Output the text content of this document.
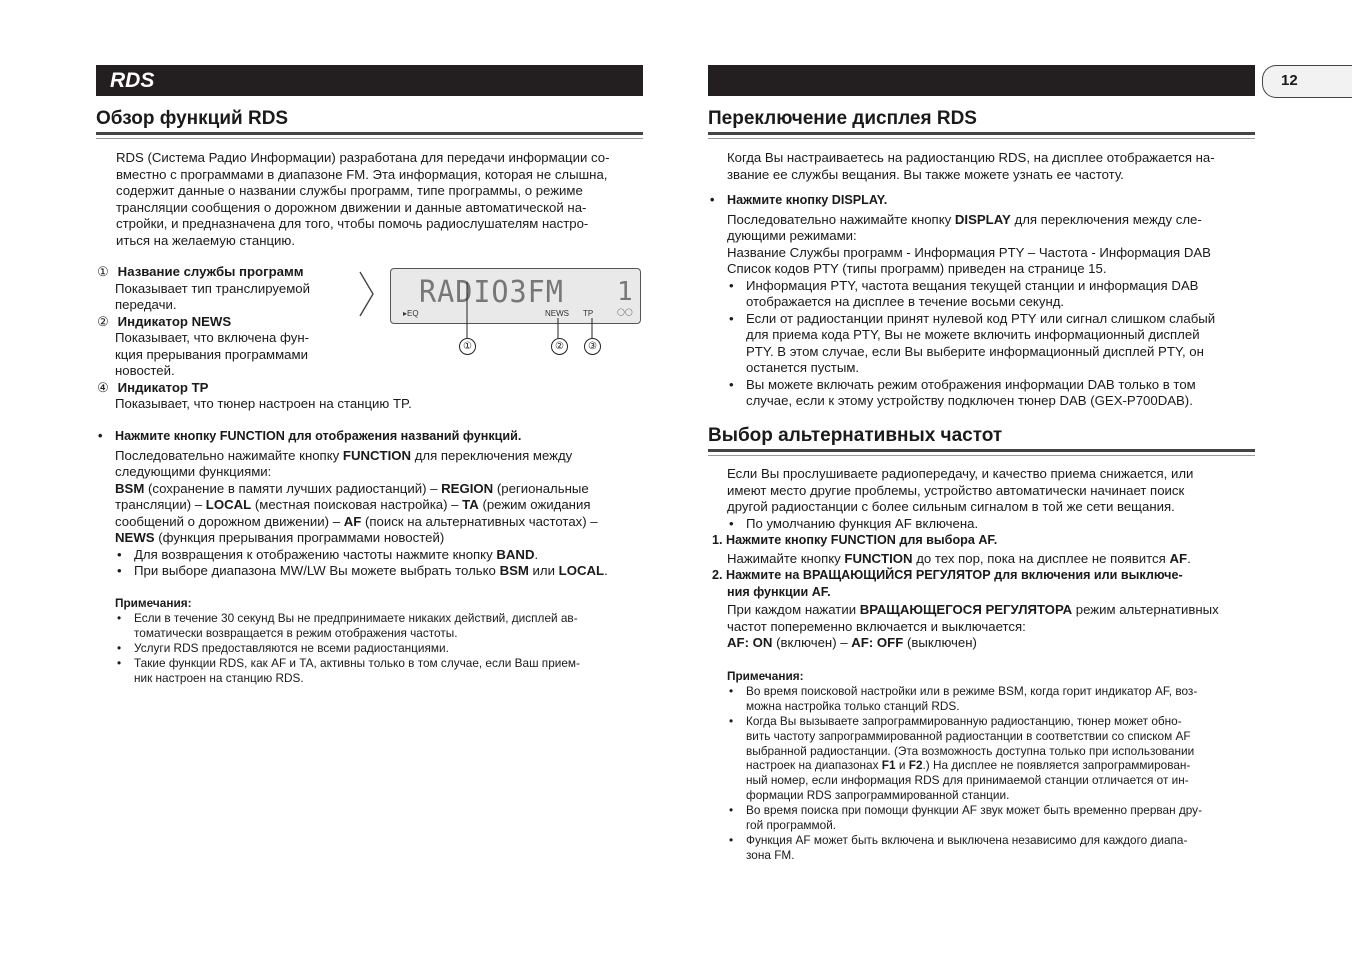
RDS
Обзор функций RDS
RDS (Система Радио Информации) разработана для передачи информации со-
вместно с программами в диапазоне FM. Эта информация, которая не слышна,
содержит данные о названии службы программ, типе программы, о режиме
трансляции сообщения о дорожном движении и данные автоматической на-
стройки, и предназначена для того, чтобы помочь радиослушателям настро-
иться на желаемую станцию.
① Название службы программ
Показывает тип транслируемой
передачи.
② Индикатор NEWS
Показывает, что включена фун-
кция прерывания программами
новостей.
④ Индикатор TP
Показывает, что тюнер настроен на станцию TP.
RADIO3FM 1
▸EQ	NEWS TP	◯◯
①	②	③
• Нажмите кнопку FUNCTION для отображения названий функций.
Последовательно нажимайте кнопку FUNCTION для переключения между
следующими функциями:
BSM (сохранение в памяти лучших радиостанций) – REGION (региональные
трансляции) – LOCAL (местная поисковая настройка) – TA (режим ожидания
сообщений о дорожном движении) – AF (поиск на альтернативных частотах) –
NEWS (функция прерывания программами новостей)
• Для возвращения к отображению частоты нажмите кнопку BAND.
• При выборе диапазона MW/LW Вы можете выбрать только BSM или LOCAL.
Примечания:
• Если в течение 30 секунд Вы не предпринимаете никаких действий, дисплей ав-
томатически возвращается в режим отображения частоты.
• Услуги RDS предоставляются не всеми радиостанциями.
• Такие функции RDS, как AF и TA, активны только в том случае, если Ваш прием-
ник настроен на станцию RDS.
12
Переключение дисплея RDS
Когда Вы настраиваетесь на радиостанцию RDS, на дисплее отображается на-
звание ее службы вещания. Вы также можете узнать ее частоту.
• Нажмите кнопку DISPLAY.
Последовательно нажимайте кнопку DISPLAY для переключения между сле-
дующими режимами:
Название Службы программ - Информация PTY – Частота - Информация DAB
Список кодов PTY (типы программ) приведен на странице 15.
• Информация PTY, частота вещания текущей станции и информация DAB
отображается на дисплее в течение восьми секунд.
• Если от радиостанции принят нулевой код PTY или сигнал слишком слабый
для приема кода PTY, Вы не можете включить информационный дисплей
PTY. В этом случае, если Вы выберите информационный дисплей PTY, он
останется пустым.
• Вы можете включать режим отображения информации DAB только в том
случае, если к этому устройству подключен тюнер DAB (GEX-P700DAB).
Выбор альтернативных частот
Если Вы прослушиваете радиопередачу, и качество приема снижается, или
имеют место другие проблемы, устройство автоматически начинает поиск
другой радиостанции с более сильным сигналом в той же сети вещания.
• По умолчанию функция AF включена.
1. Нажмите кнопку FUNCTION для выбора AF.
Нажимайте кнопку FUNCTION до тех пор, пока на дисплее не появится AF.
2. Нажмите на ВРАЩАЮЩИЙСЯ РЕГУЛЯТОР для включения или выключе-
ния функции AF.
При каждом нажатии ВРАЩАЮЩЕГОСЯ РЕГУЛЯТОРА режим альтернативных
частот попеременно включается и выключается:
AF: ON (включен) – AF: OFF (выключен)
Примечания:
• Во время поисковой настройки или в режиме BSM, когда горит индикатор AF, воз-
можна настройка только станций RDS.
• Когда Вы вызываете запрограммированную радиостанцию, тюнер может обно-
вить частоту запрограммированной радиостанции в соответствии со списком AF
выбранной радиостанции. (Эта возможность доступна только при использовании
настроек на диапазонах F1 и F2.) На дисплее не появляется запрограммирован-
ный номер, если информация RDS для принимаемой станции отличается от ин-
формации RDS запрограммированной станции.
• Во время поиска при помощи функции AF звук может быть временно прерван дру-
гой программой.
• Функция AF может быть включена и выключена независимо для каждого диапа-
зона FM.
